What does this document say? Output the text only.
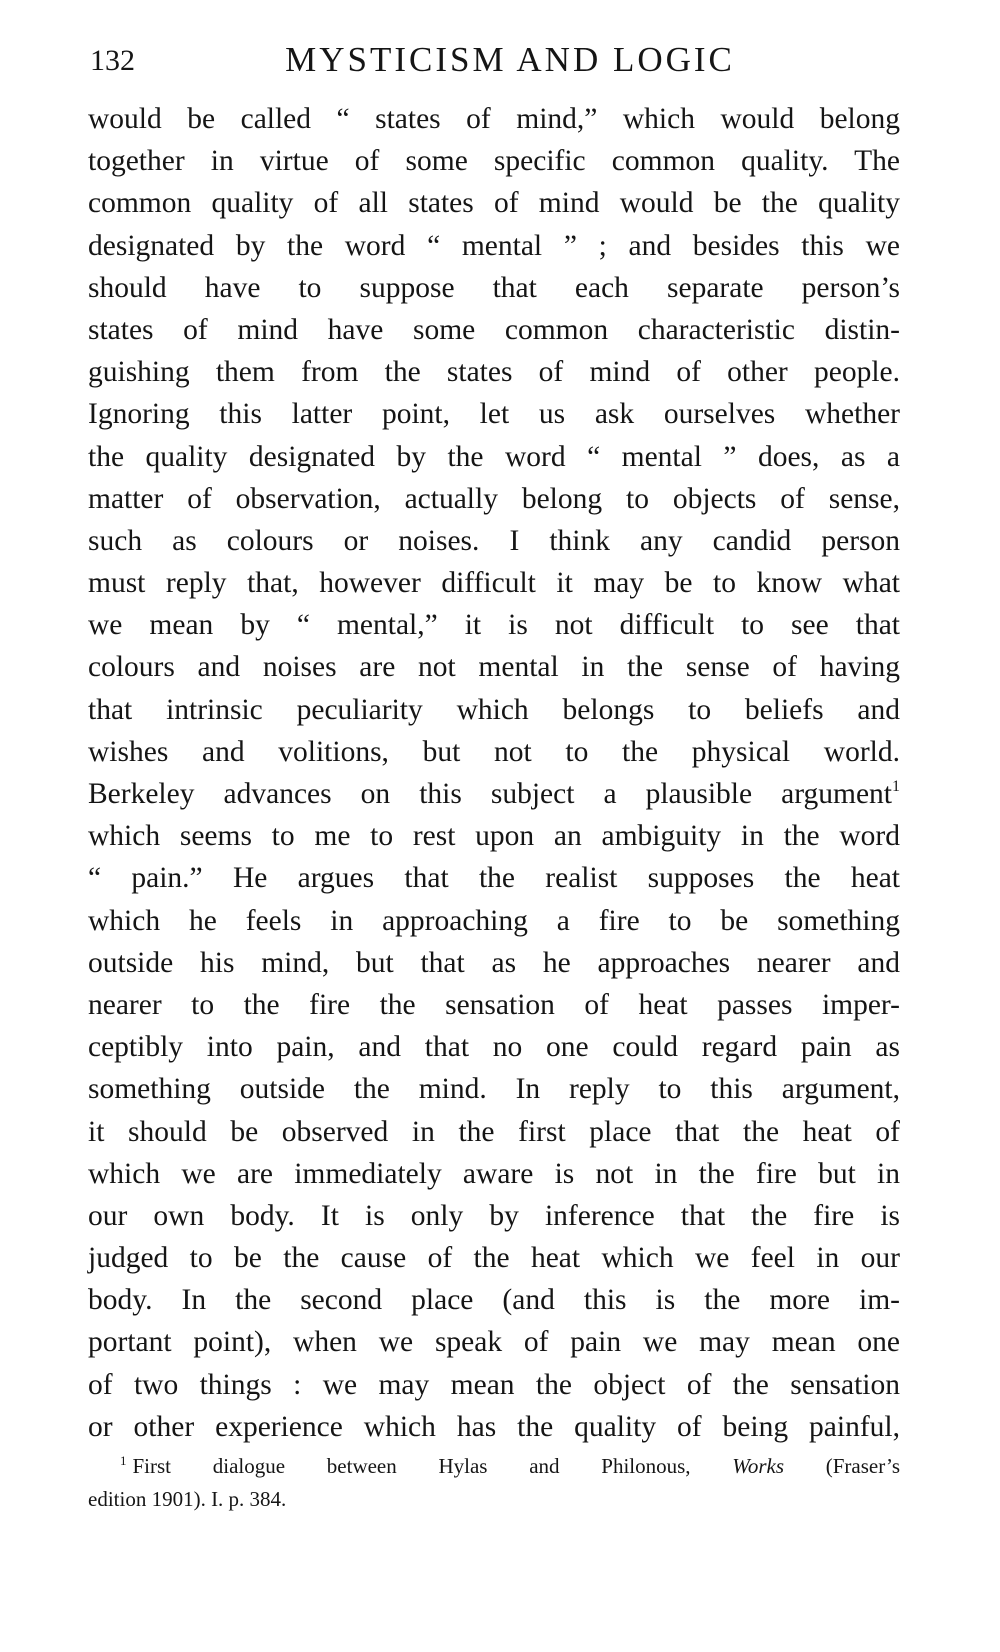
132	MYSTICISM AND LOGIC
would be called “ states of mind,” which would belong
together in virtue of some specific common quality. The
common quality of all states of mind would be the quality
designated by the word “ mental ” ; and besides this we
should have to suppose that each separate person’s
states of mind have some common characteristic distin-
guishing them from the states of mind of other people.
Ignoring this latter point, let us ask ourselves whether
the quality designated by the word “ mental ” does, as a
matter of observation, actually belong to objects of sense,
such as colours or noises. I think any candid person
must reply that, however difficult it may be to know what
we mean by “ mental,” it is not difficult to see that
colours and noises are not mental in the sense of having
that intrinsic peculiarity which belongs to beliefs and
wishes and volitions, but not to the physical world.
Berkeley advances on this subject a plausible argument$^1$
which seems to me to rest upon an ambiguity in the word
“ pain.” He argues that the realist supposes the heat
which he feels in approaching a fire to be something
outside his mind, but that as he approaches nearer and
nearer to the fire the sensation of heat passes imper-
ceptibly into pain, and that no one could regard pain as
something outside the mind. In reply to this argument,
it should be observed in the first place that the heat of
which we are immediately aware is not in the fire but in
our own body. It is only by inference that the fire is
judged to be the cause of the heat which we feel in our
body. In the second place (and this is the more im-
portant point), when we speak of pain we may mean one
of two things : we may mean the object of the sensation
or other experience which has the quality of being painful,
$^1$ First dialogue between Hylas and Philonous, Works (Fraser’s
edition 1901). I. p. 384.
